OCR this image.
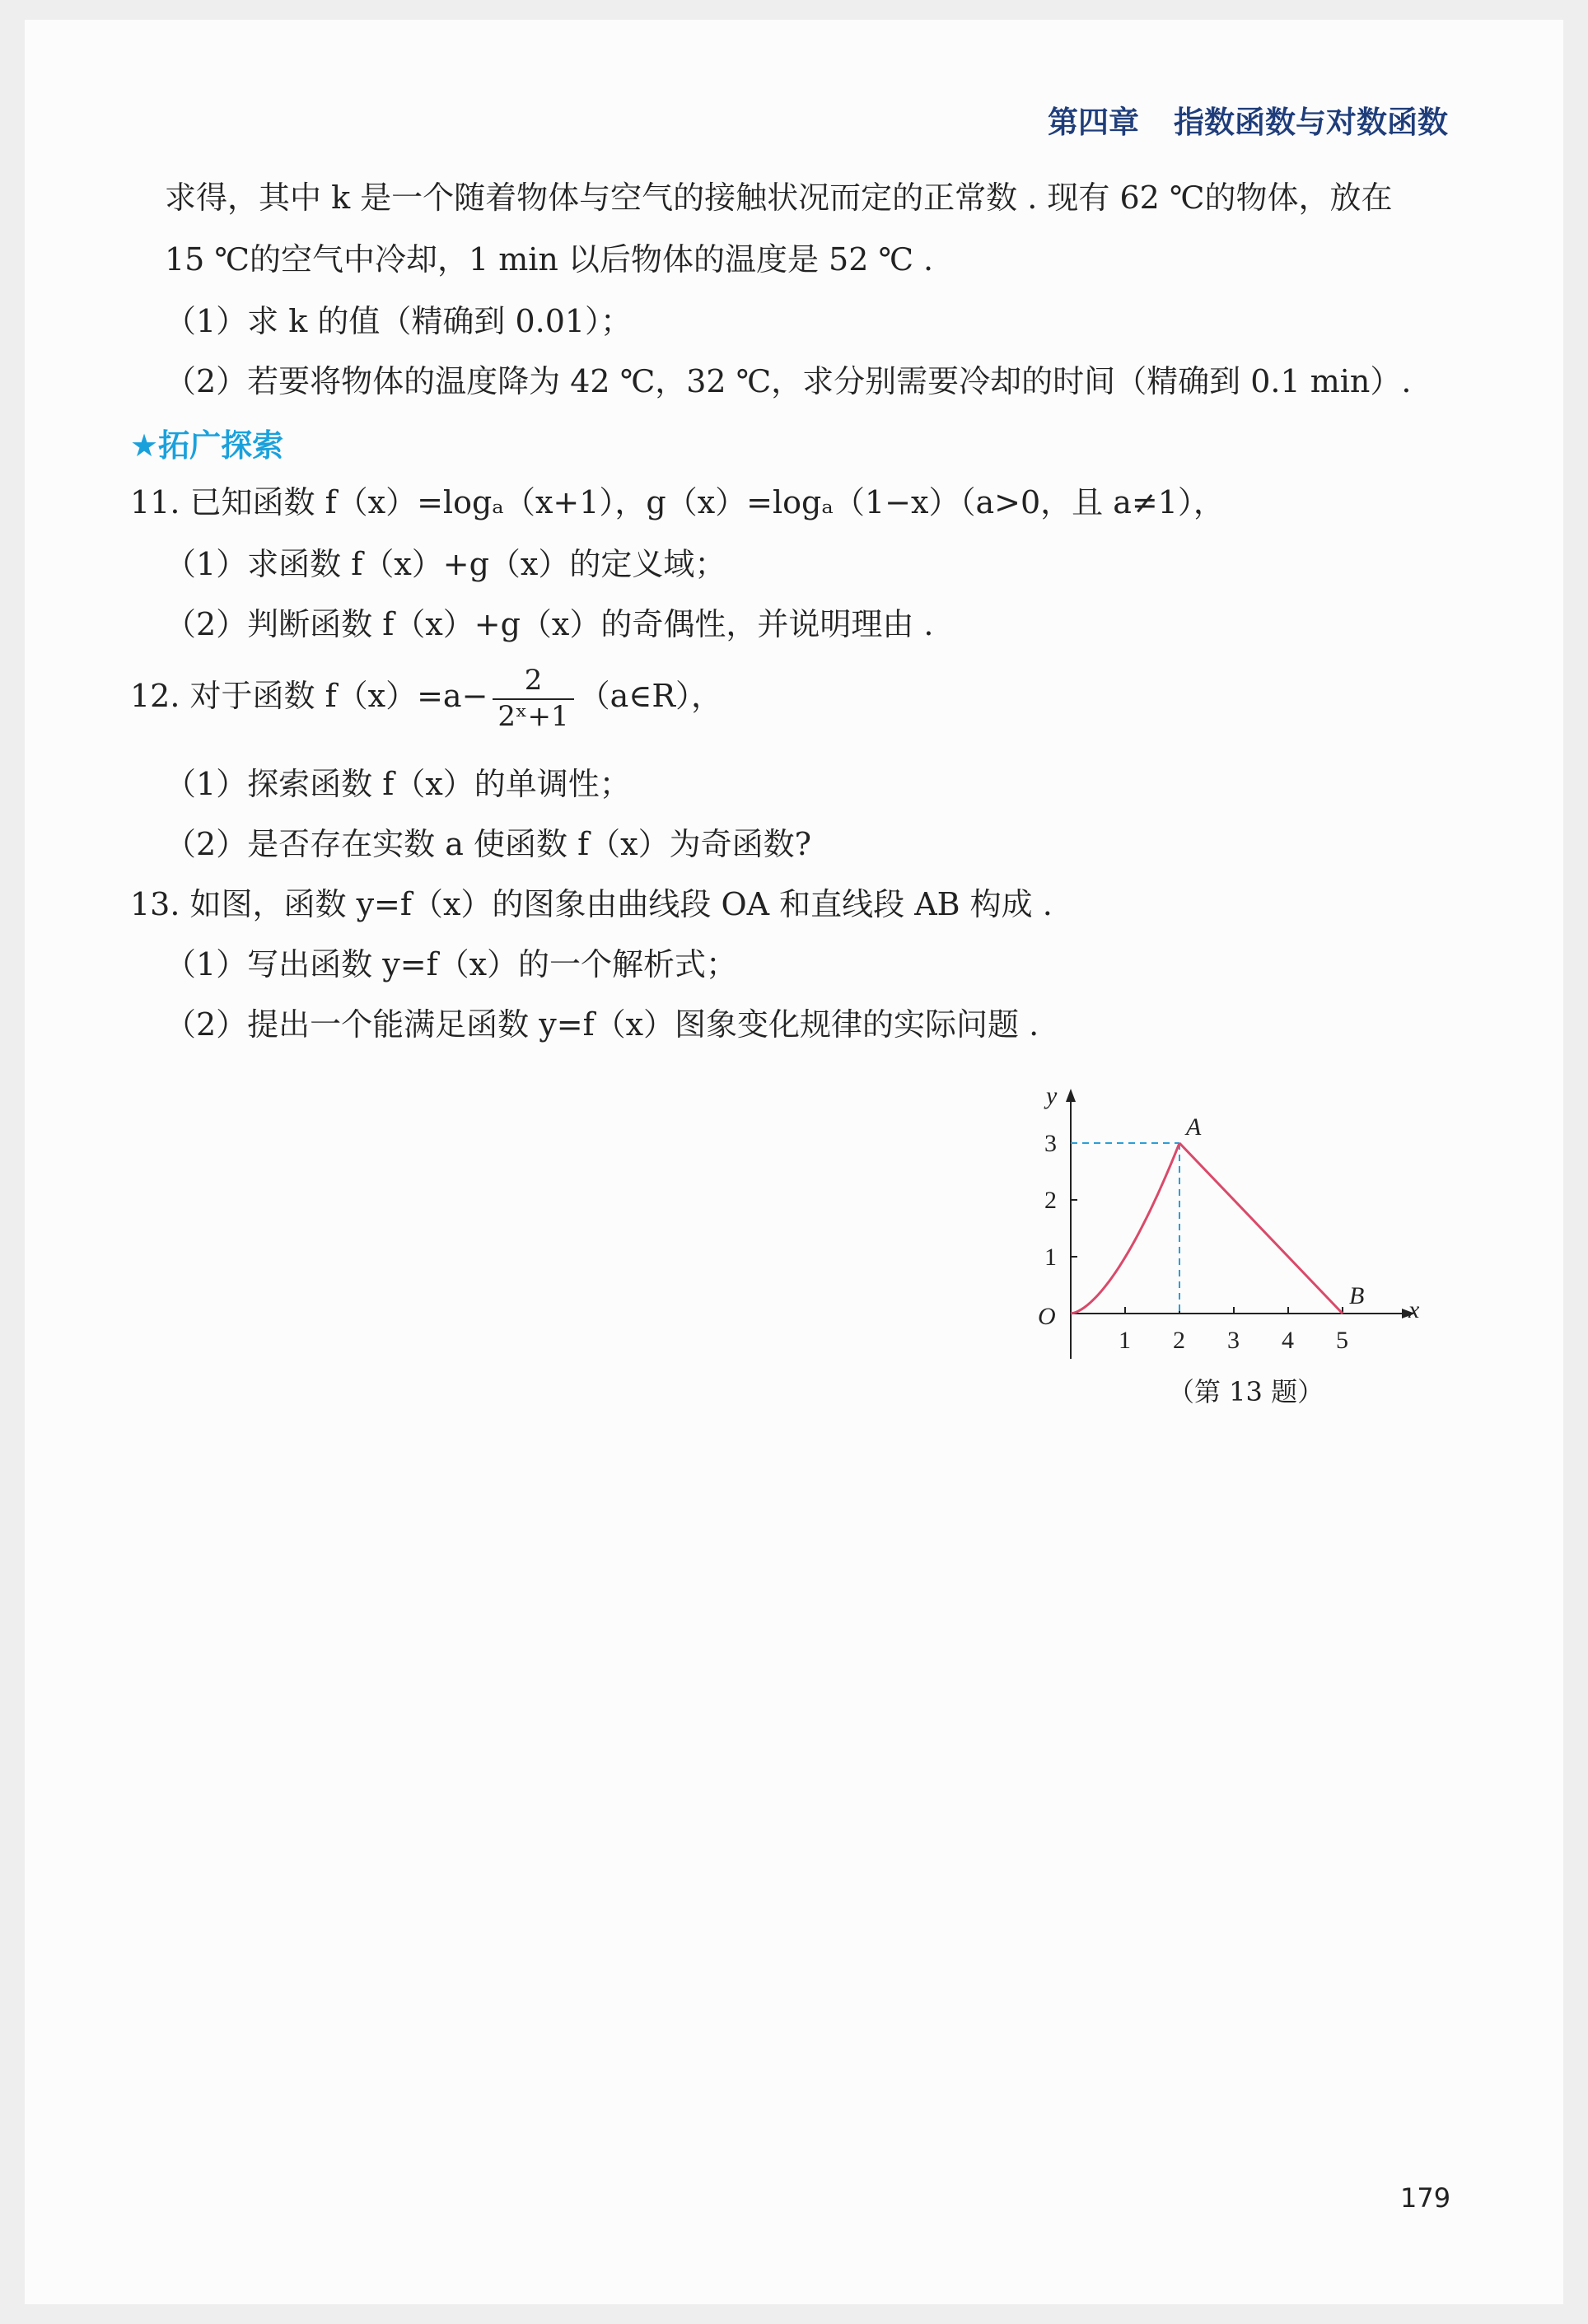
第四章 指数函数与对数函数
求得，其中 k 是一个随着物体与空气的接触状况而定的正常数 . 现有 62 ℃的物体，放在
15 ℃的空气中冷却，1 min 以后物体的温度是 52 ℃ .
（1）求 k 的值（精确到 0.01）；
（2）若要将物体的温度降为 42 ℃，32 ℃，求分别需要冷却的时间（精确到 0.1 min）.
★拓广探索
11. 已知函数 f（x）=logₐ（x+1），g（x）=logₐ（1−x）（a>0，且 a≠1），
（1）求函数 f（x）+g（x）的定义域；
（2）判断函数 f（x）+g（x）的奇偶性，并说明理由 .
12. 对于函数 $f(x)=a- \frac{2}{\text{2ˣ+1}}$ （a∈R），
（1）探索函数 f（x）的单调性；
（2）是否存在实数 a 使函数 f（x）为奇函数?
13. 如图，函数 y=f（x）的图象由曲线段 OA 和直线段 AB 构成 .
（1）写出函数 y=f（x）的一个解析式；
（2）提出一个能满足函数 y=f（x）图象变化规律的实际问题 .
O	x
y
1 2 3 4 5
1
2
3
A
B
（第 13 题）
179
